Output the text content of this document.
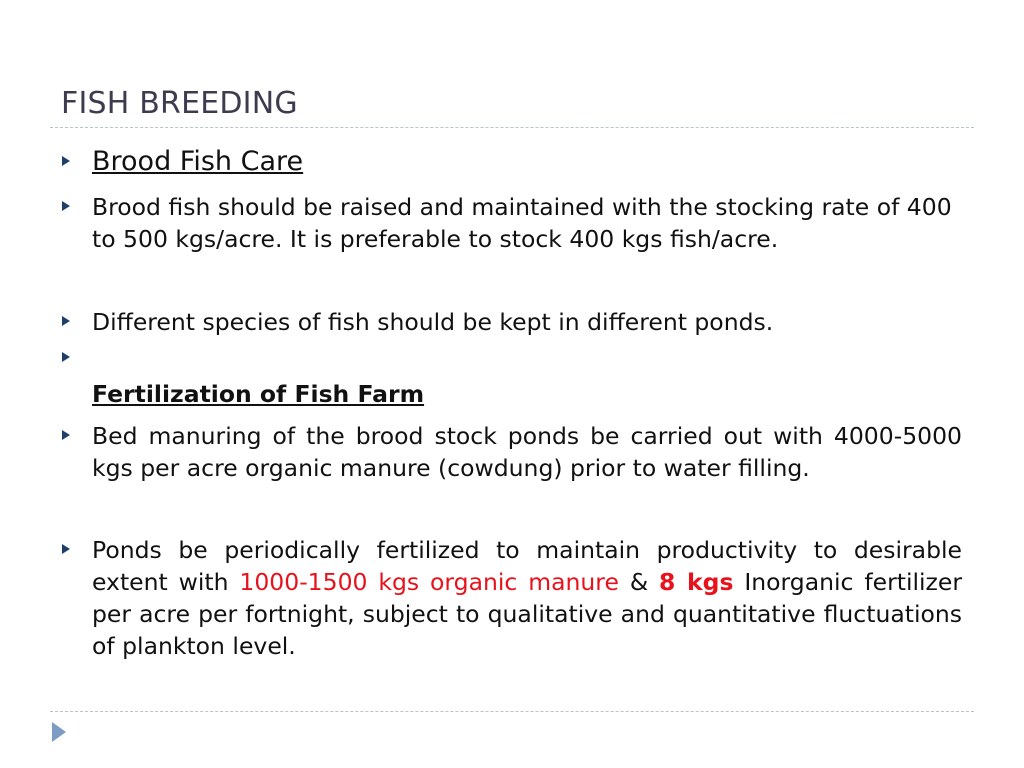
FISH BREEDING
Brood Fish Care
Brood fish should be raised and maintained with the stocking rate of 400 to 500 kgs/acre. It is preferable to stock 400 kgs fish/acre.
Different species of fish should be kept in different ponds.
Fertilization of Fish Farm
Bed manuring of the brood stock ponds be carried out with 4000-5000 kgs per acre organic manure (cowdung) prior to water filling.
Ponds be periodically fertilized to maintain productivity to desirable extent with 1000-1500 kgs organic manure & 8 kgs Inorganic fertilizer per acre per fortnight, subject to qualitative and quantitative fluctuations of plankton level.
